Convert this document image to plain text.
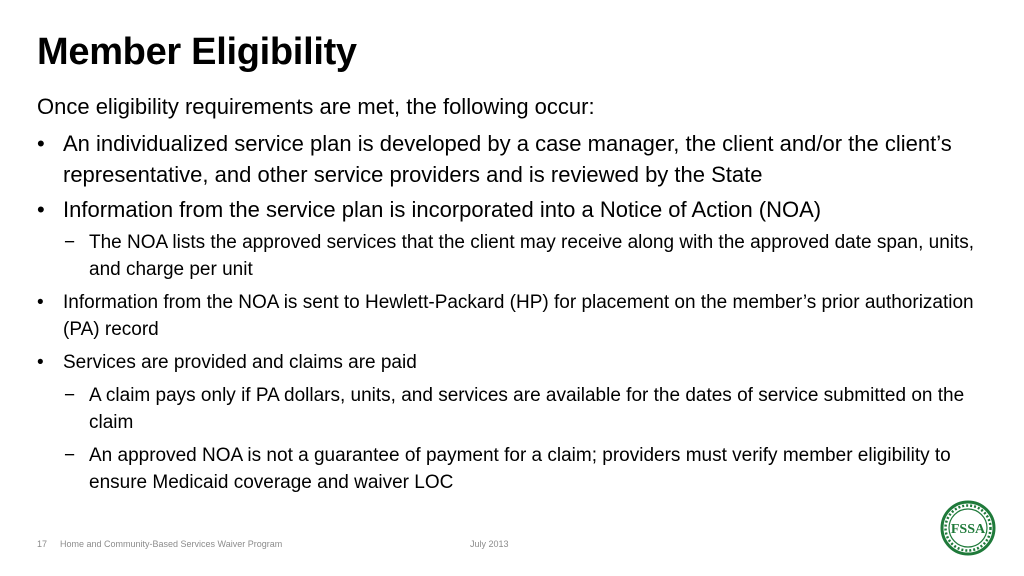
Member Eligibility
Once eligibility requirements are met, the following occur:
• An individualized service plan is developed by a case manager, the client and/or the client’s representative, and other service providers and is reviewed by the State
• Information from the service plan is incorporated into a Notice of Action (NOA)
− The NOA lists the approved services that the client may receive along with the approved date span, units, and charge per unit
• Information from the NOA is sent to Hewlett-Packard (HP) for placement on the member’s prior authorization (PA) record
• Services are provided and claims are paid
− A claim pays only if PA dollars, units, and services are available for the dates of service submitted on the claim
− An approved NOA is not a guarantee of payment for a claim; providers must verify member eligibility to ensure Medicaid coverage and waiver LOC
17 Home and Community-Based Services Waiver Program	July 2013
FSSA
